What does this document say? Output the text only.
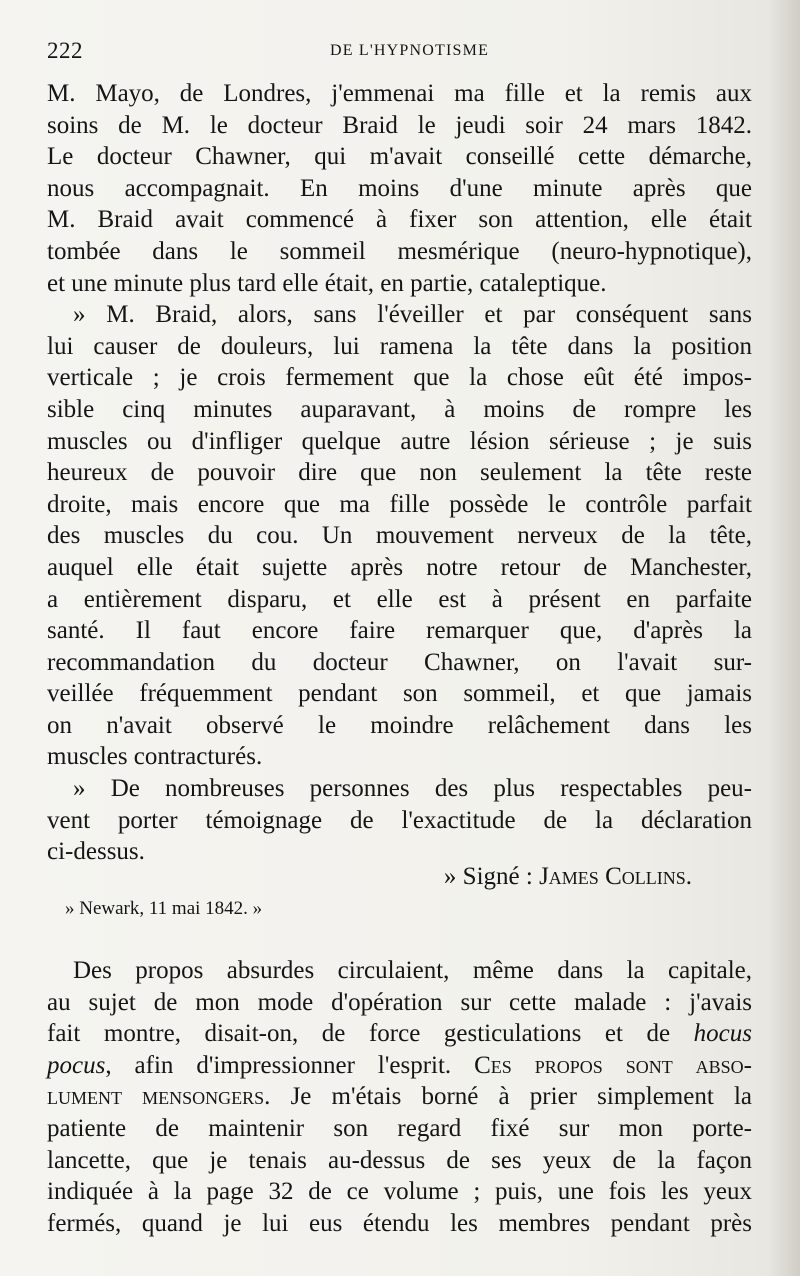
222	DE L'HYPNOTISME
M. Mayo, de Londres, j'emmenai ma fille et la remis aux
soins de M. le docteur Braid le jeudi soir 24 mars 1842.
Le docteur Chawner, qui m'avait conseillé cette démarche,
nous accompagnait. En moins d'une minute après que
M. Braid avait commencé à fixer son attention, elle était
tombée dans le sommeil mesmérique (neuro-hypnotique),
et une minute plus tard elle était, en partie, cataleptique.
» M. Braid, alors, sans l'éveiller et par conséquent sans
lui causer de douleurs, lui ramena la tête dans la position
verticale ; je crois fermement que la chose eût été impos-
sible cinq minutes auparavant, à moins de rompre les
muscles ou d'infliger quelque autre lésion sérieuse ; je suis
heureux de pouvoir dire que non seulement la tête reste
droite, mais encore que ma fille possède le contrôle parfait
des muscles du cou. Un mouvement nerveux de la tête,
auquel elle était sujette après notre retour de Manchester,
a entièrement disparu, et elle est à présent en parfaite
santé. Il faut encore faire remarquer que, d'après la
recommandation du docteur Chawner, on l'avait sur-
veillée fréquemment pendant son sommeil, et que jamais
on n'avait observé le moindre relâchement dans les
muscles contracturés.
» De nombreuses personnes des plus respectables peu-
vent porter témoignage de l'exactitude de la déclaration
ci-dessus.
» Signé : James Collins.
» Newark, 11 mai 1842. »
Des propos absurdes circulaient, même dans la capitale,
au sujet de mon mode d'opération sur cette malade : j'avais
fait montre, disait-on, de force gesticulations et de hocus
pocus, afin d'impressionner l'esprit. Ces propos sont abso-
lument mensongers. Je m'étais borné à prier simplement la
patiente de maintenir son regard fixé sur mon porte-
lancette, que je tenais au-dessus de ses yeux de la façon
indiquée à la page 32 de ce volume ; puis, une fois les yeux
fermés, quand je lui eus étendu les membres pendant près
